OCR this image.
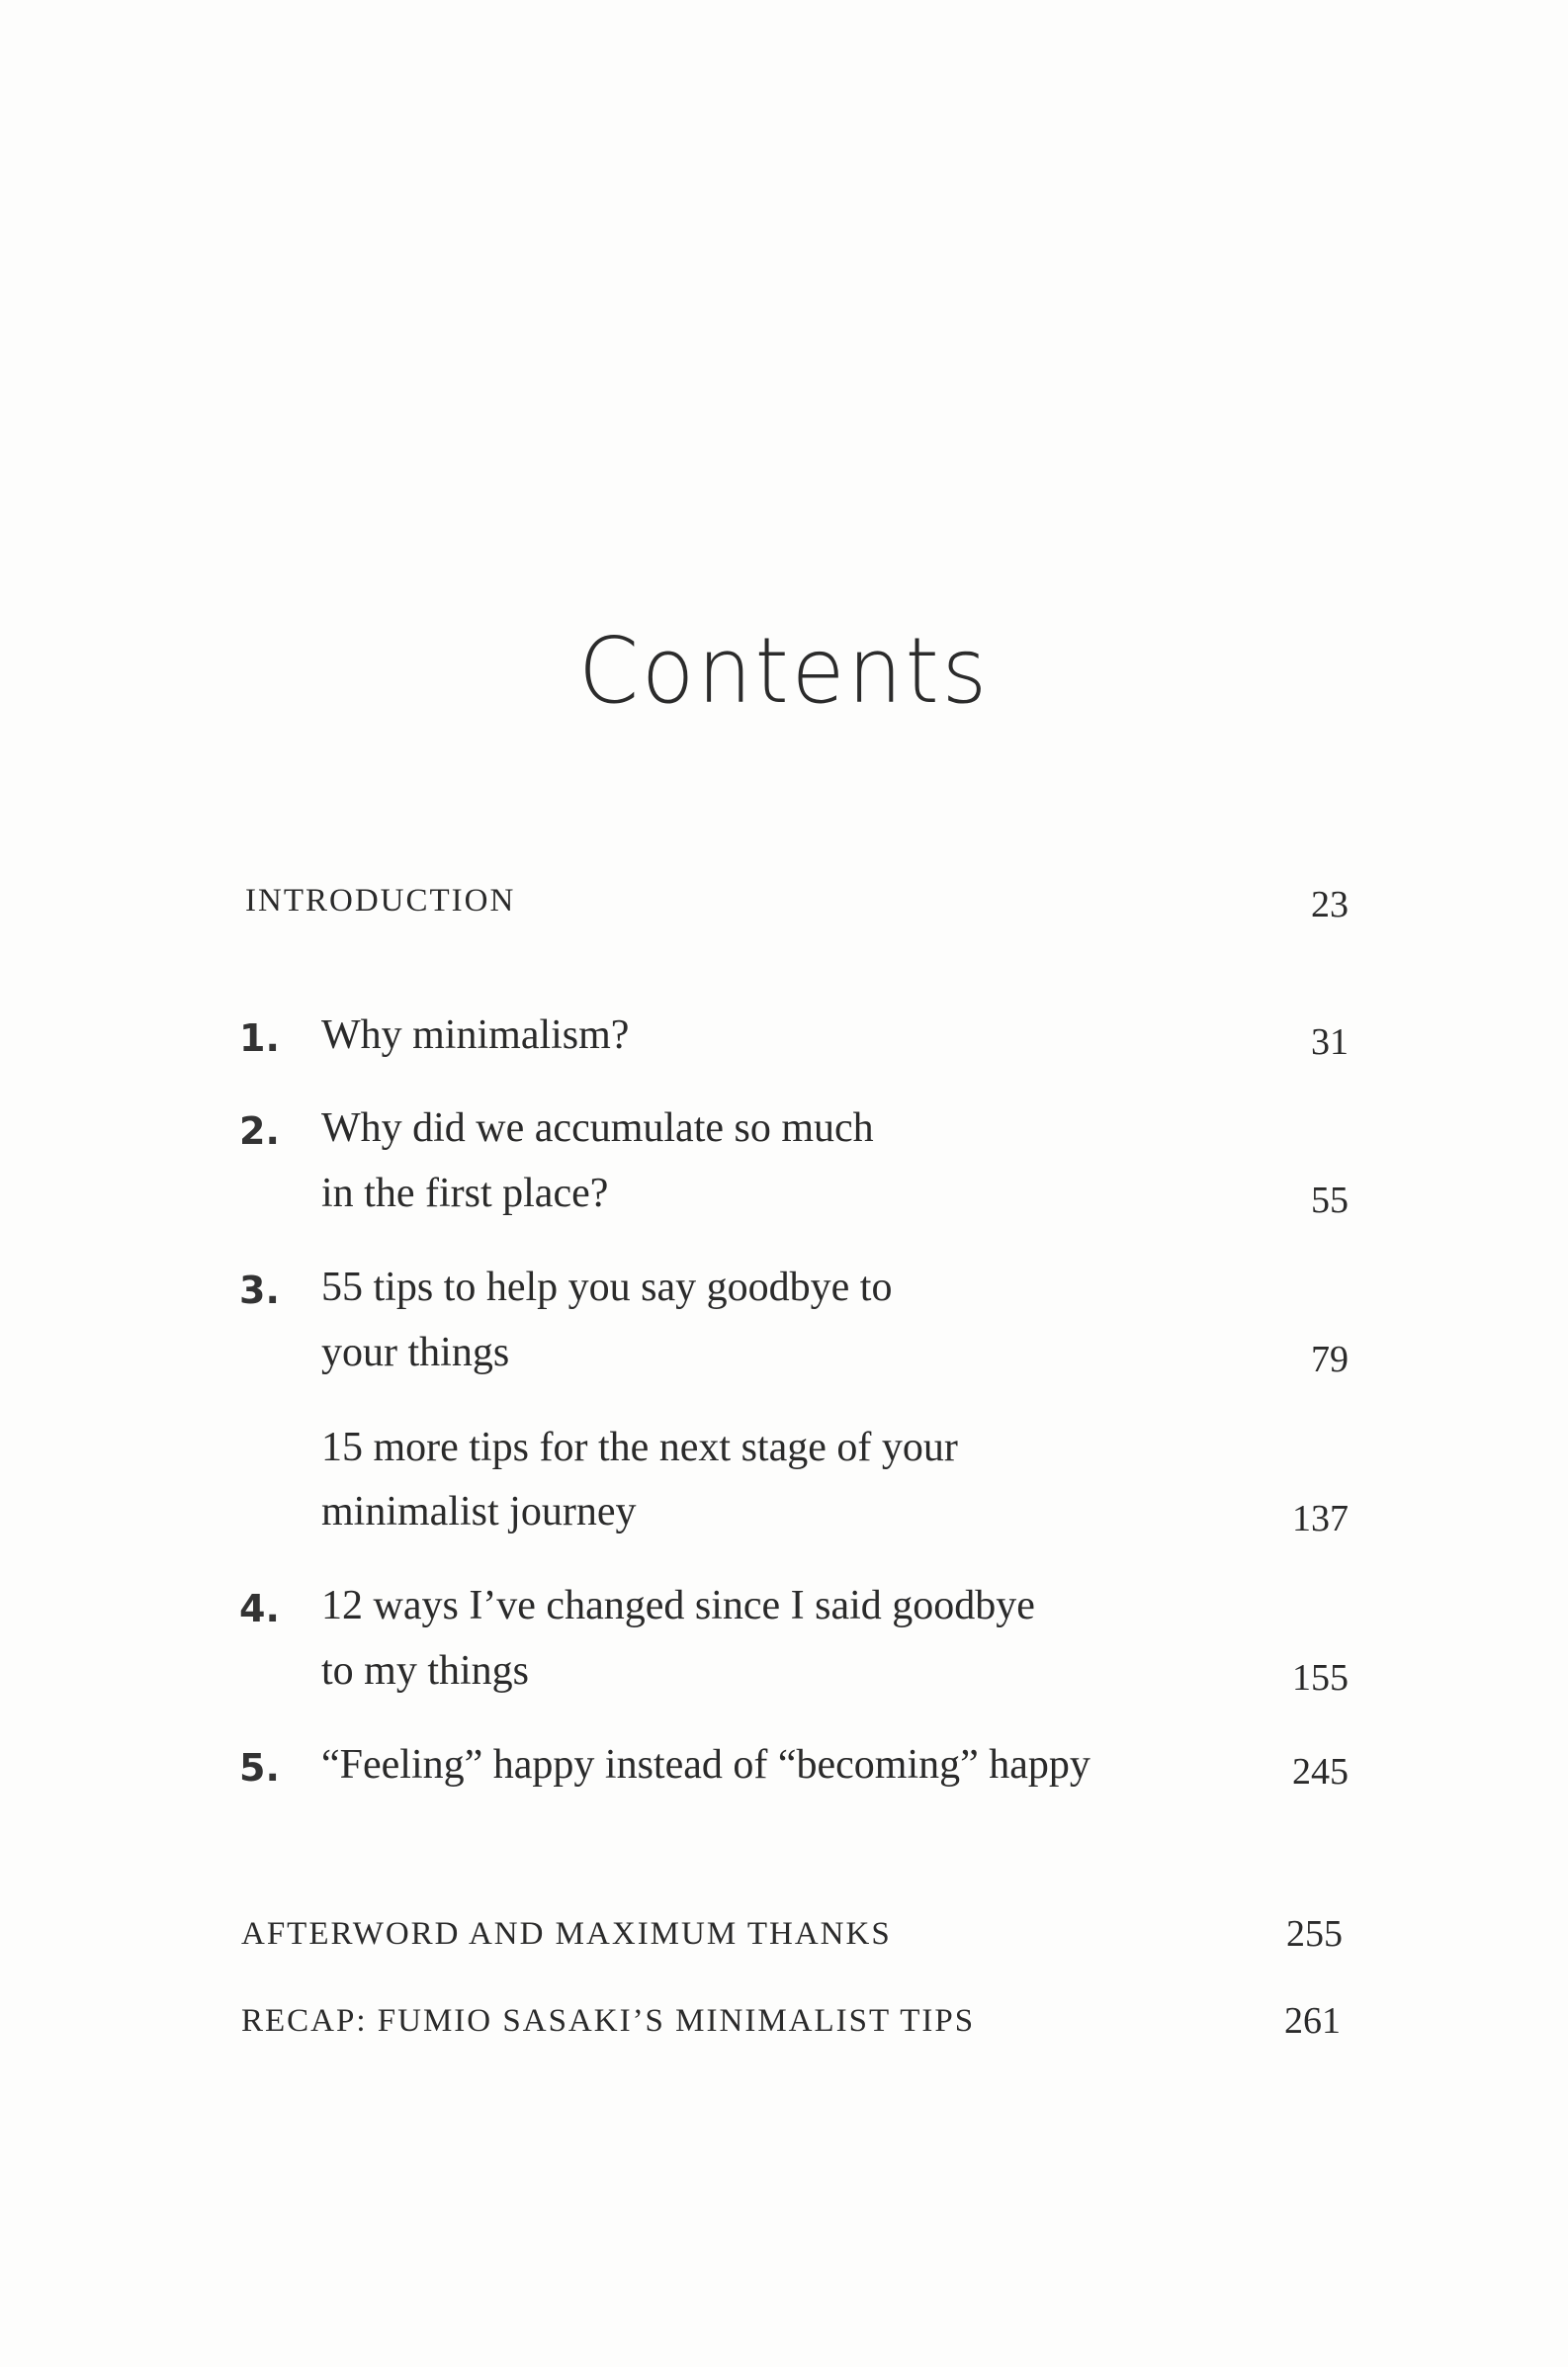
Contents
INTRODUCTION	23
1. Why minimalism?	31
2. Why did we accumulate so much
in the first place?	55
3. 55 tips to help you say goodbye to
your things	79
15 more tips for the next stage of your
minimalist journey	137
4. 12 ways I’ve changed since I said goodbye
to my things	155
5. “Feeling” happy instead of “becoming” happy	245
AFTERWORD AND MAXIMUM THANKS	255
RECAP: FUMIO SASAKI’S MINIMALIST TIPS	261
